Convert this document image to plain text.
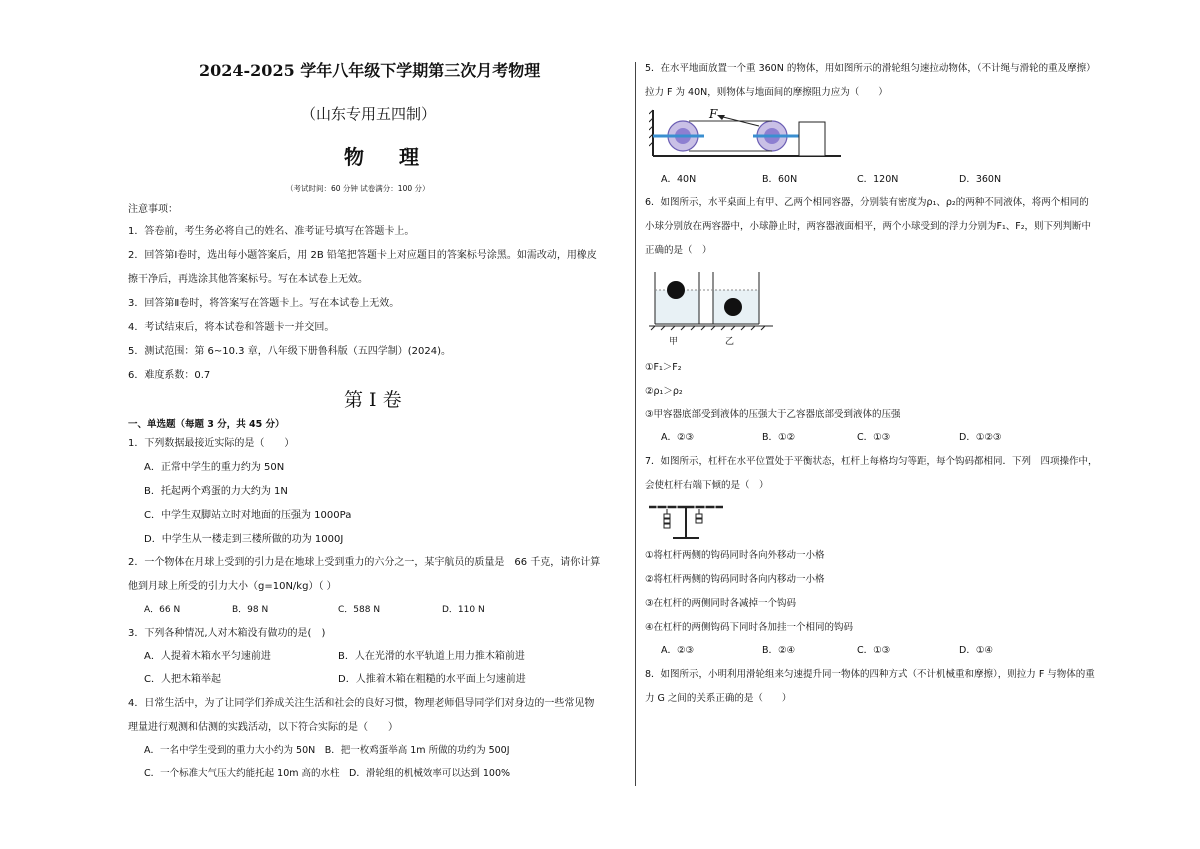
2024-2025 学年八年级下学期第三次月考物理
（山东专用五四制）
物 理
（考试时间：60 分钟 试卷满分：100 分）
注意事项：
1．答卷前，考生务必将自己的姓名、准考证号填写在答题卡上。
2．回答第Ⅰ卷时，选出每小题答案后，用 2B 铅笔把答题卡上对应题目的答案标号涂黑。如需改动，用橡皮
擦干净后，再选涂其他答案标号。写在本试卷上无效。
3．回答第Ⅱ卷时，将答案写在答题卡上。写在本试卷上无效。
4．考试结束后，将本试卷和答题卡一并交回。
5．测试范围：第 6~10.3 章，八年级下册鲁科版（五四学制）(2024)。
6．难度系数：0.7
第 I 卷
一、单选题（每题 3 分，共 45 分）
1．下列数据最接近实际的是（　　）
A．正常中学生的重力约为 50N
B．托起两个鸡蛋的力大约为 1N
C．中学生双脚站立时对地面的压强为 1000Pa
D．中学生从一楼走到三楼所做的功为 1000J
2．一个物体在月球上受到的引力是在地球上受到重力的六分之一，某宇航员的质量是　66 千克，请你计算
他到月球上所受的引力大小（g=10N/kg）（ ）
A．66 N	B．98 N	C．588 N	D．110 N
3．下列各种情况,人对木箱没有做功的是(　)
A．人提着木箱水平匀速前进	B．人在光滑的水平轨道上用力推木箱前进
C．人把木箱举起	D．人推着木箱在粗糙的水平面上匀速前进
4．日常生活中，为了让同学们养成关注生活和社会的良好习惯，物理老师倡导同学们对身边的一些常见物
理量进行观测和估测的实践活动，以下符合实际的是（　　）
A．一名中学生受到的重力大小约为 50N　B．把一枚鸡蛋举高 1m 所做的功约为 500J
C．一个标准大气压大约能托起 10m 高的水柱　D．滑轮组的机械效率可以达到 100%
5．在水平地面放置一个重 360N 的物体，用如图所示的滑轮组匀速拉动物体，（不计绳与滑轮的重及摩擦）
拉力 F 为 40N，则物体与地面间的摩擦阻力应为（　　）
F
A．40N	B．60N	C．120N	D．360N
6．如图所示，水平桌面上有甲、乙两个相同容器，分别装有密度为ρ₁、ρ₂的两种不同液体，将两个相同的
小球分别放在两容器中，小球静止时，两容器液面相平，两个小球受到的浮力分别为F₁、F₂，则下列判断中
正确的是（　）
甲	乙
①F₁＞F₂
②ρ₁＞ρ₂
③甲容器底部受到液体的压强大于乙容器底部受到液体的压强
A．②③	B．①②	C．①③	D．①②③
7．如图所示，杠杆在水平位置处于平衡状态，杠杆上每格均匀等距，每个钩码都相同．下列　四项操作中，
会使杠杆右端下倾的是（　）
①将杠杆两侧的钩码同时各向外移动一小格
②将杠杆两侧的钩码同时各向内移动一小格
③在杠杆的两侧同时各减掉一个钩码
④在杠杆的两侧钩码下同时各加挂一个相同的钩码
A．②③	B．②④	C．①③	D．①④
8．如图所示，小明利用滑轮组来匀速提升同一物体的四种方式（不计机械重和摩擦），则拉力 F 与物体的重
力 G 之间的关系正确的是（　　）
